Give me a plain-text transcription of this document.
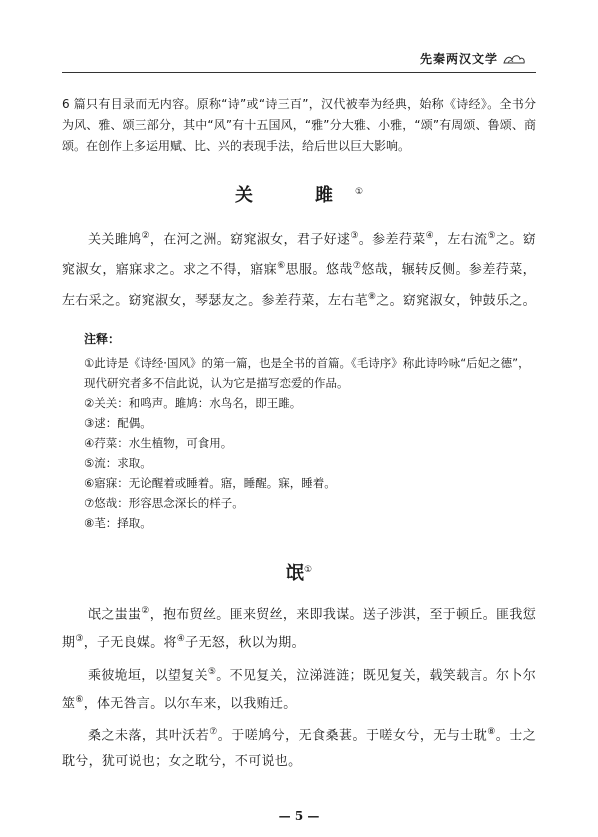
先秦两汉文学

6 篇只有目录而无内容。原称“诗”或“诗三百”，汉代被奉为经典，始称《诗经》。全书分为风、雅、颂三部分，其中“风”有十五国风，“雅”分大雅、小雅，“颂”有周颂、鲁颂、商颂。在创作上多运用赋、比、兴的表现手法，给后世以巨大影响。

关　雎①

关关雎鸠②，在河之洲。窈窕淑女，君子好逑③。参差荇菜④，左右流⑤之。窈窕淑女，寤寐求之。求之不得，寤寐⑥思服。悠哉⑦悠哉，辗转反侧。参差荇菜，左右采之。窈窕淑女，琴瑟友之。参差荇菜，左右芼⑧之。窈窕淑女，钟鼓乐之。

注释：

①此诗是《诗经·国风》的第一篇，也是全书的首篇。《毛诗序》称此诗吟咏“后妃之德”，现代研究者多不信此说，认为它是描写恋爱的作品。

②关关：和鸣声。雎鸠：水鸟名，即王雎。

③逑：配偶。

④荇菜：水生植物，可食用。

⑤流：求取。

⑥寤寐：无论醒着或睡着。寤，睡醒。寐，睡着。

⑦悠哉：形容思念深长的样子。

⑧芼：择取。

氓①

氓之蚩蚩②，抱布贸丝。匪来贸丝，来即我谋。送子涉淇，至于顿丘。匪我愆期③，子无良媒。将④子无怒，秋以为期。

乘彼垝垣，以望复关⑤。不见复关，泣涕涟涟；既见复关，载笑载言。尔卜尔筮⑥，体无咎言。以尔车来，以我贿迁。

桑之未落，其叶沃若⑦。于嗟鸠兮，无食桑葚。于嗟女兮，无与士耽⑧。士之耽兮，犹可说也；女之耽兮，不可说也。

— 5 —
